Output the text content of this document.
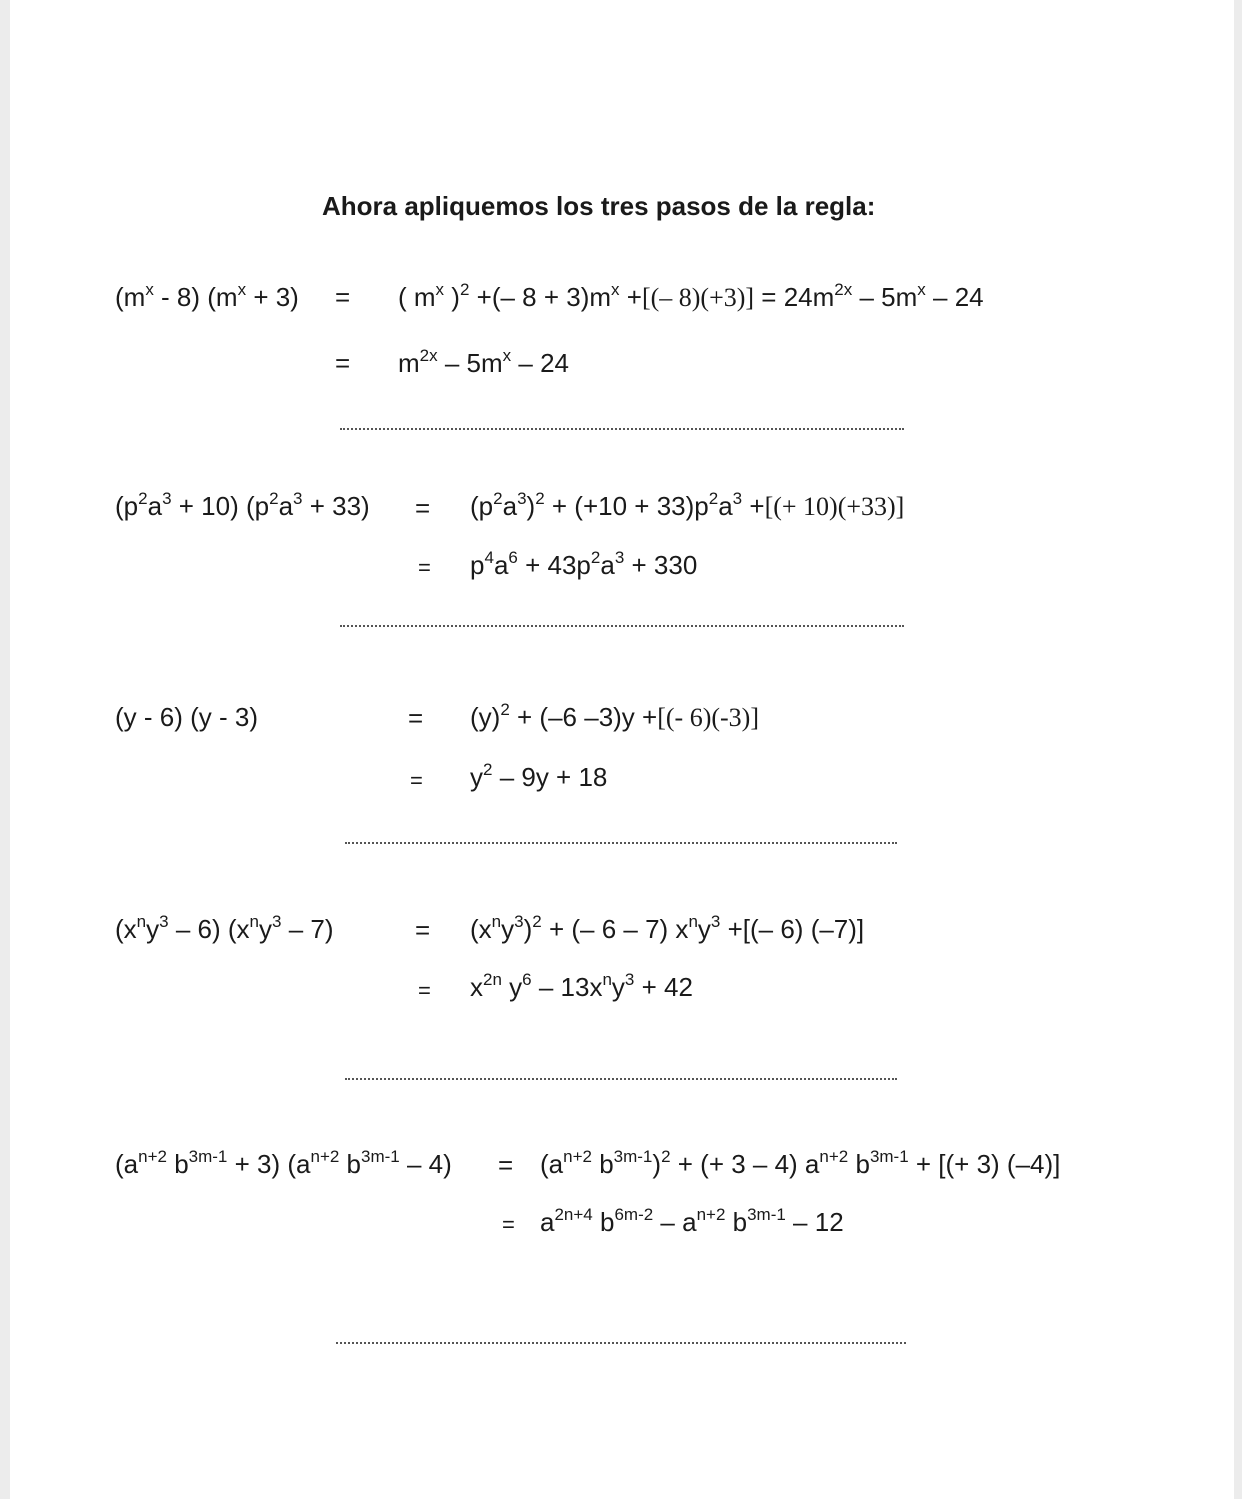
Ahora apliquemos los tres pasos de la regla:
$(m^x - 8) (m^x + 3)$ = ( $m^x$ )$^2$ +(– $8 + 3)m^x$ +[(– $8)(+3)] = 24m^{2x} - 5m^x - 24$
= $m^{2x} - 5m^x - 24$
$(p^2a^3 + 10) (p^2a^3 + 33) = (p^2a^3)^2 + (+10 + 33)p^2a^3$ +[(+ 10)(+33)]
= $p^4a^6 + 43p^2a^3 + 330$
(y - 6) (y - 3)	= $(y)^2 + (-6$ –3)y +[(- 6)(-3)]
= $y^2 - 9y + 18$
$(x^ny^3 - 6)$ $(x^ny^3 - 7)$	= $(x^ny^3)^2$ + (– 6 – 7) $x^ny^3$ +[(– 6) (–7)]
= $x^{2n}$ $y^6 - 13x^ny^3 + 42$
($a^{n+2}$ $b^{3m-1} + 3$) ($a^{n+2}$ $b^{3m-1} - 4) = (a^{n+2}$ $b^{3m-1})^2$ + (+ 3 – 4) $a^{n+2}$ $b^{3m-1}$ + [(+ 3) (–4)]
= $a^{2n+4}$ $b^{6m-2} - a^{n+2}$ $b^{3m-1} - 12$
